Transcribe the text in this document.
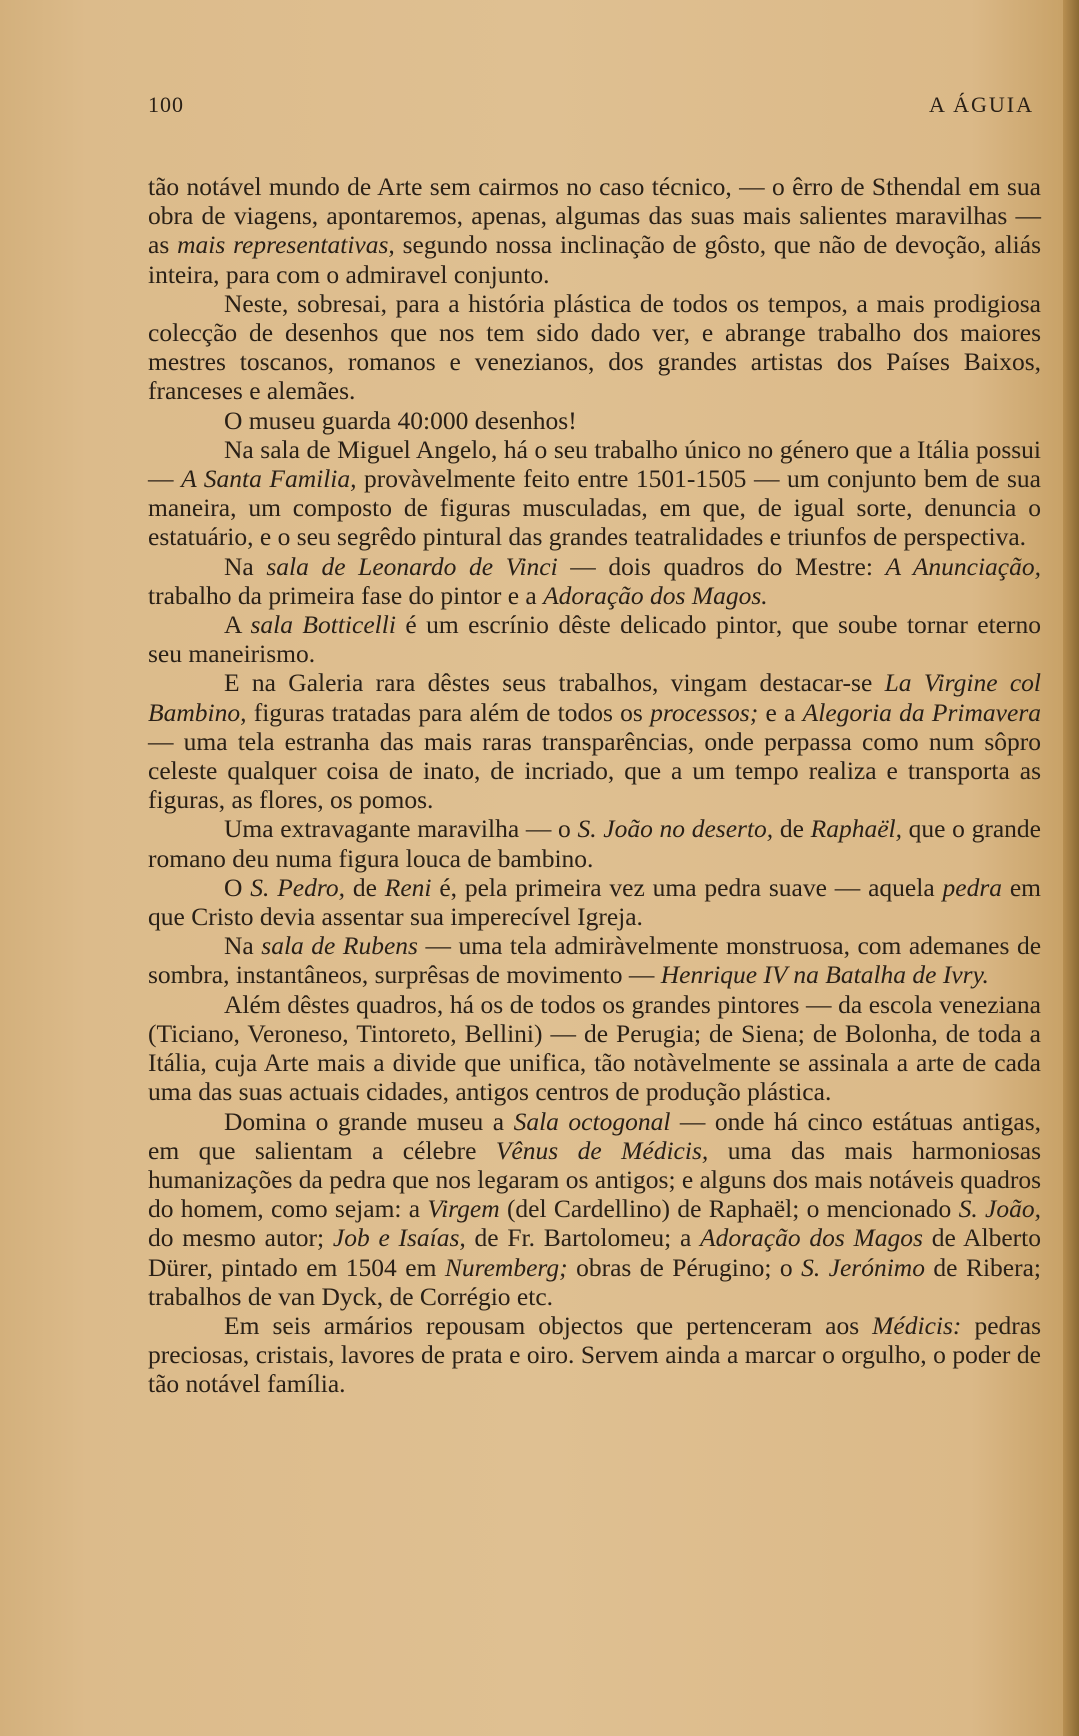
100	A ÁGUIA

tão notável mundo de Arte sem cairmos no caso técnico, — o êrro de Sthendal em sua obra de viagens, apontaremos, apenas, algumas das suas mais salientes maravilhas — as mais representativas, segundo nossa inclinação de gôsto, que não de devoção, aliás inteira, para com o admiravel conjunto.

Neste, sobresai, para a história plástica de todos os tempos, a mais prodigiosa colecção de desenhos que nos tem sido dado ver, e abrange trabalho dos maiores mestres toscanos, romanos e venezianos, dos grandes artistas dos Países Baixos, franceses e alemães.

O museu guarda 40:000 desenhos!

Na sala de Miguel Angelo, há o seu trabalho único no género que a Itália possui — A Santa Familia, provàvelmente feito entre 1501-1505 — um conjunto bem de sua maneira, um composto de figuras musculadas, em que, de igual sorte, denuncia o estatuário, e o seu segrêdo pintural das grandes teatralidades e triunfos de perspectiva.

Na sala de Leonardo de Vinci — dois quadros do Mestre: A Anunciação, trabalho da primeira fase do pintor e a Adoração dos Magos.

A sala Botticelli é um escrínio dêste delicado pintor, que soube tornar eterno seu maneirismo.

E na Galeria rara dêstes seus trabalhos, vingam destacar-se La Virgine col Bambino, figuras tratadas para além de todos os processos; e a Alegoria da Primavera — uma tela estranha das mais raras transparências, onde perpassa como num sôpro celeste qualquer coisa de inato, de incriado, que a um tempo realiza e transporta as figuras, as flores, os pomos.

Uma extravagante maravilha — o S. João no deserto, de Raphaël, que o grande romano deu numa figura louca de bambino.

O S. Pedro, de Reni é, pela primeira vez uma pedra suave — aquela pedra em que Cristo devia assentar sua imperecível Igreja.

Na sala de Rubens — uma tela admiràvelmente monstruosa, com ademanes de sombra, instantâneos, surprêsas de movimento — Henrique IV na Batalha de Ivry.

Além dêstes quadros, há os de todos os grandes pintores — da escola veneziana (Ticiano, Veroneso, Tintoreto, Bellini) — de Perugia; de Siena; de Bolonha, de toda a Itália, cuja Arte mais a divide que unifica, tão notàvelmente se assinala a arte de cada uma das suas actuais cidades, antigos centros de produção plástica.

Domina o grande museu a Sala octogonal — onde há cinco estátuas antigas, em que salientam a célebre Vênus de Médicis, uma das mais harmoniosas humanizações da pedra que nos legaram os antigos; e alguns dos mais notáveis quadros do homem, como sejam: a Virgem (del Cardellino) de Raphaël; o mencionado S. João, do mesmo autor; Job e Isaías, de Fr. Bartolomeu; a Adoração dos Magos de Alberto Dürer, pintado em 1504 em Nuremberg; obras de Pérugino; o S. Jerónimo de Ribera; trabalhos de van Dyck, de Corrégio etc.

Em seis armários repousam objectos que pertenceram aos Médicis: pedras preciosas, cristais, lavores de prata e oiro. Servem ainda a marcar o orgulho, o poder de tão notável família.
